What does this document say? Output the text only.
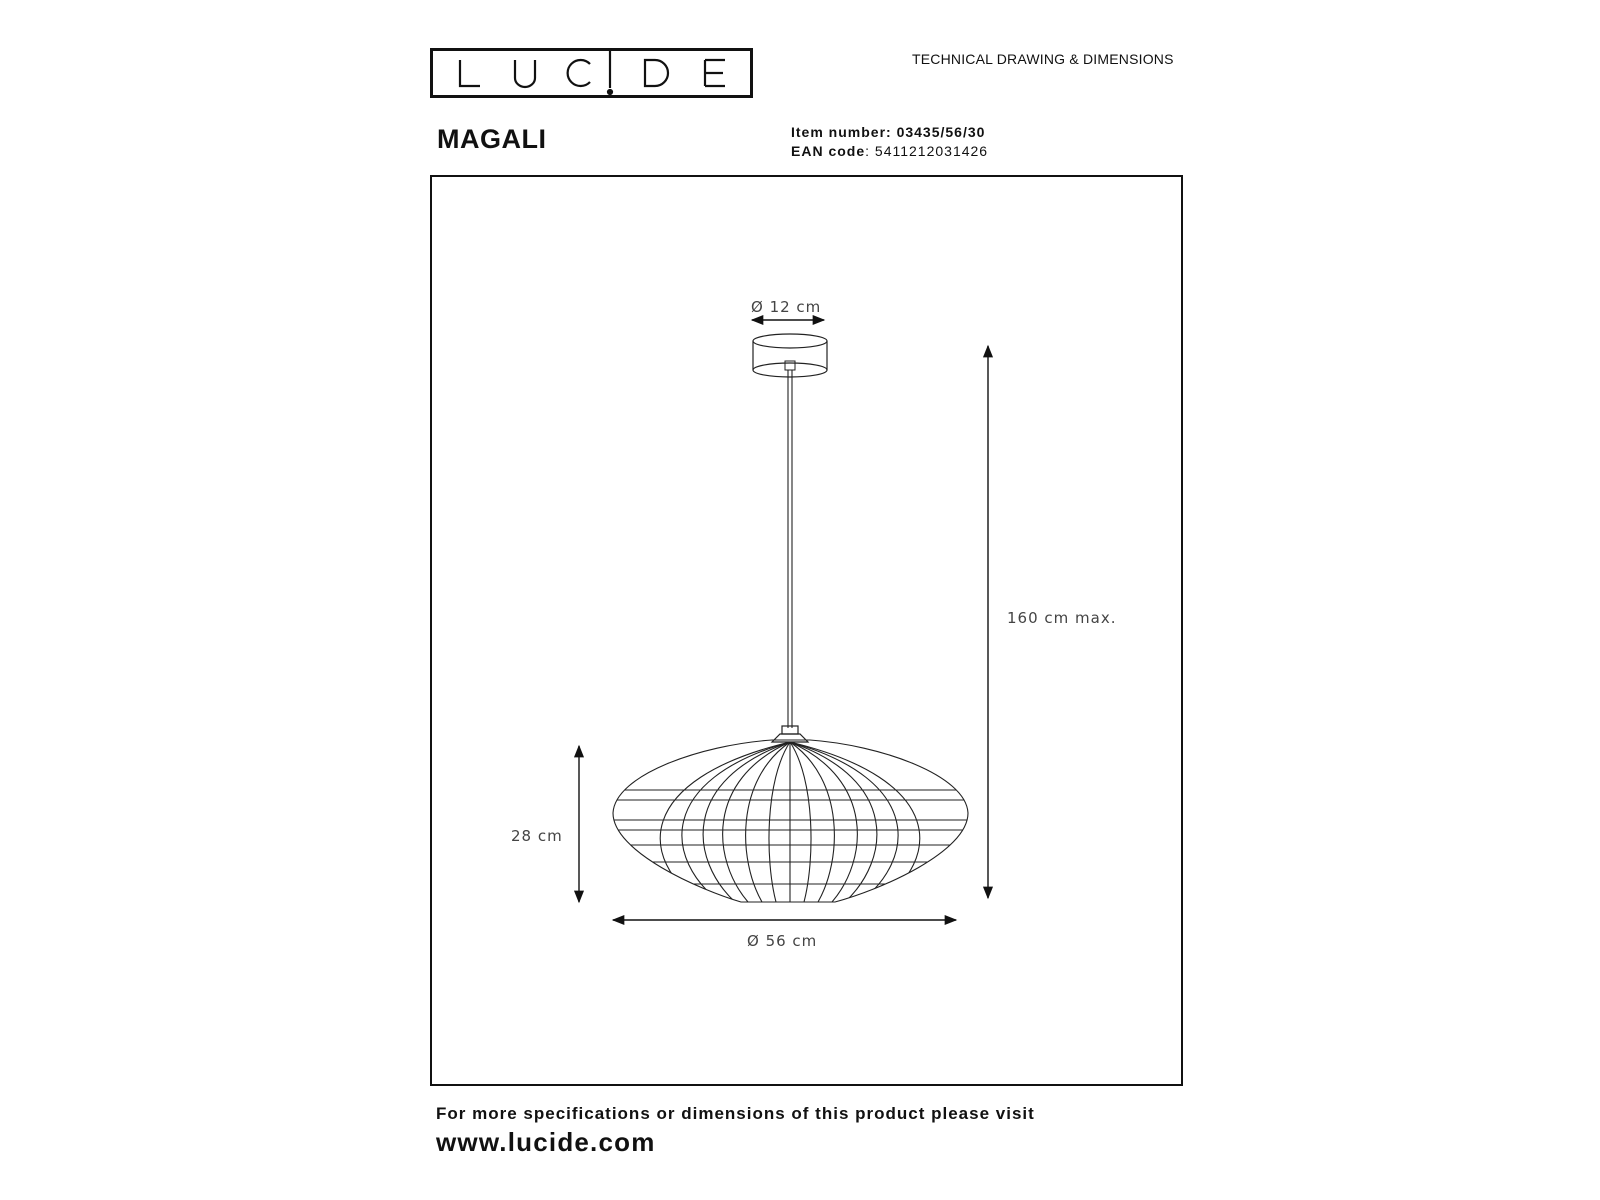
TECHNICAL DRAWING & DIMENSIONS
MAGALI	Item number: 03435/56/30
EAN code: 5411212031426
Ø 12 cm
160 cm max.
28 cm
Ø 56 cm
For more specifications or dimensions of this product please visit
www.lucide.com
